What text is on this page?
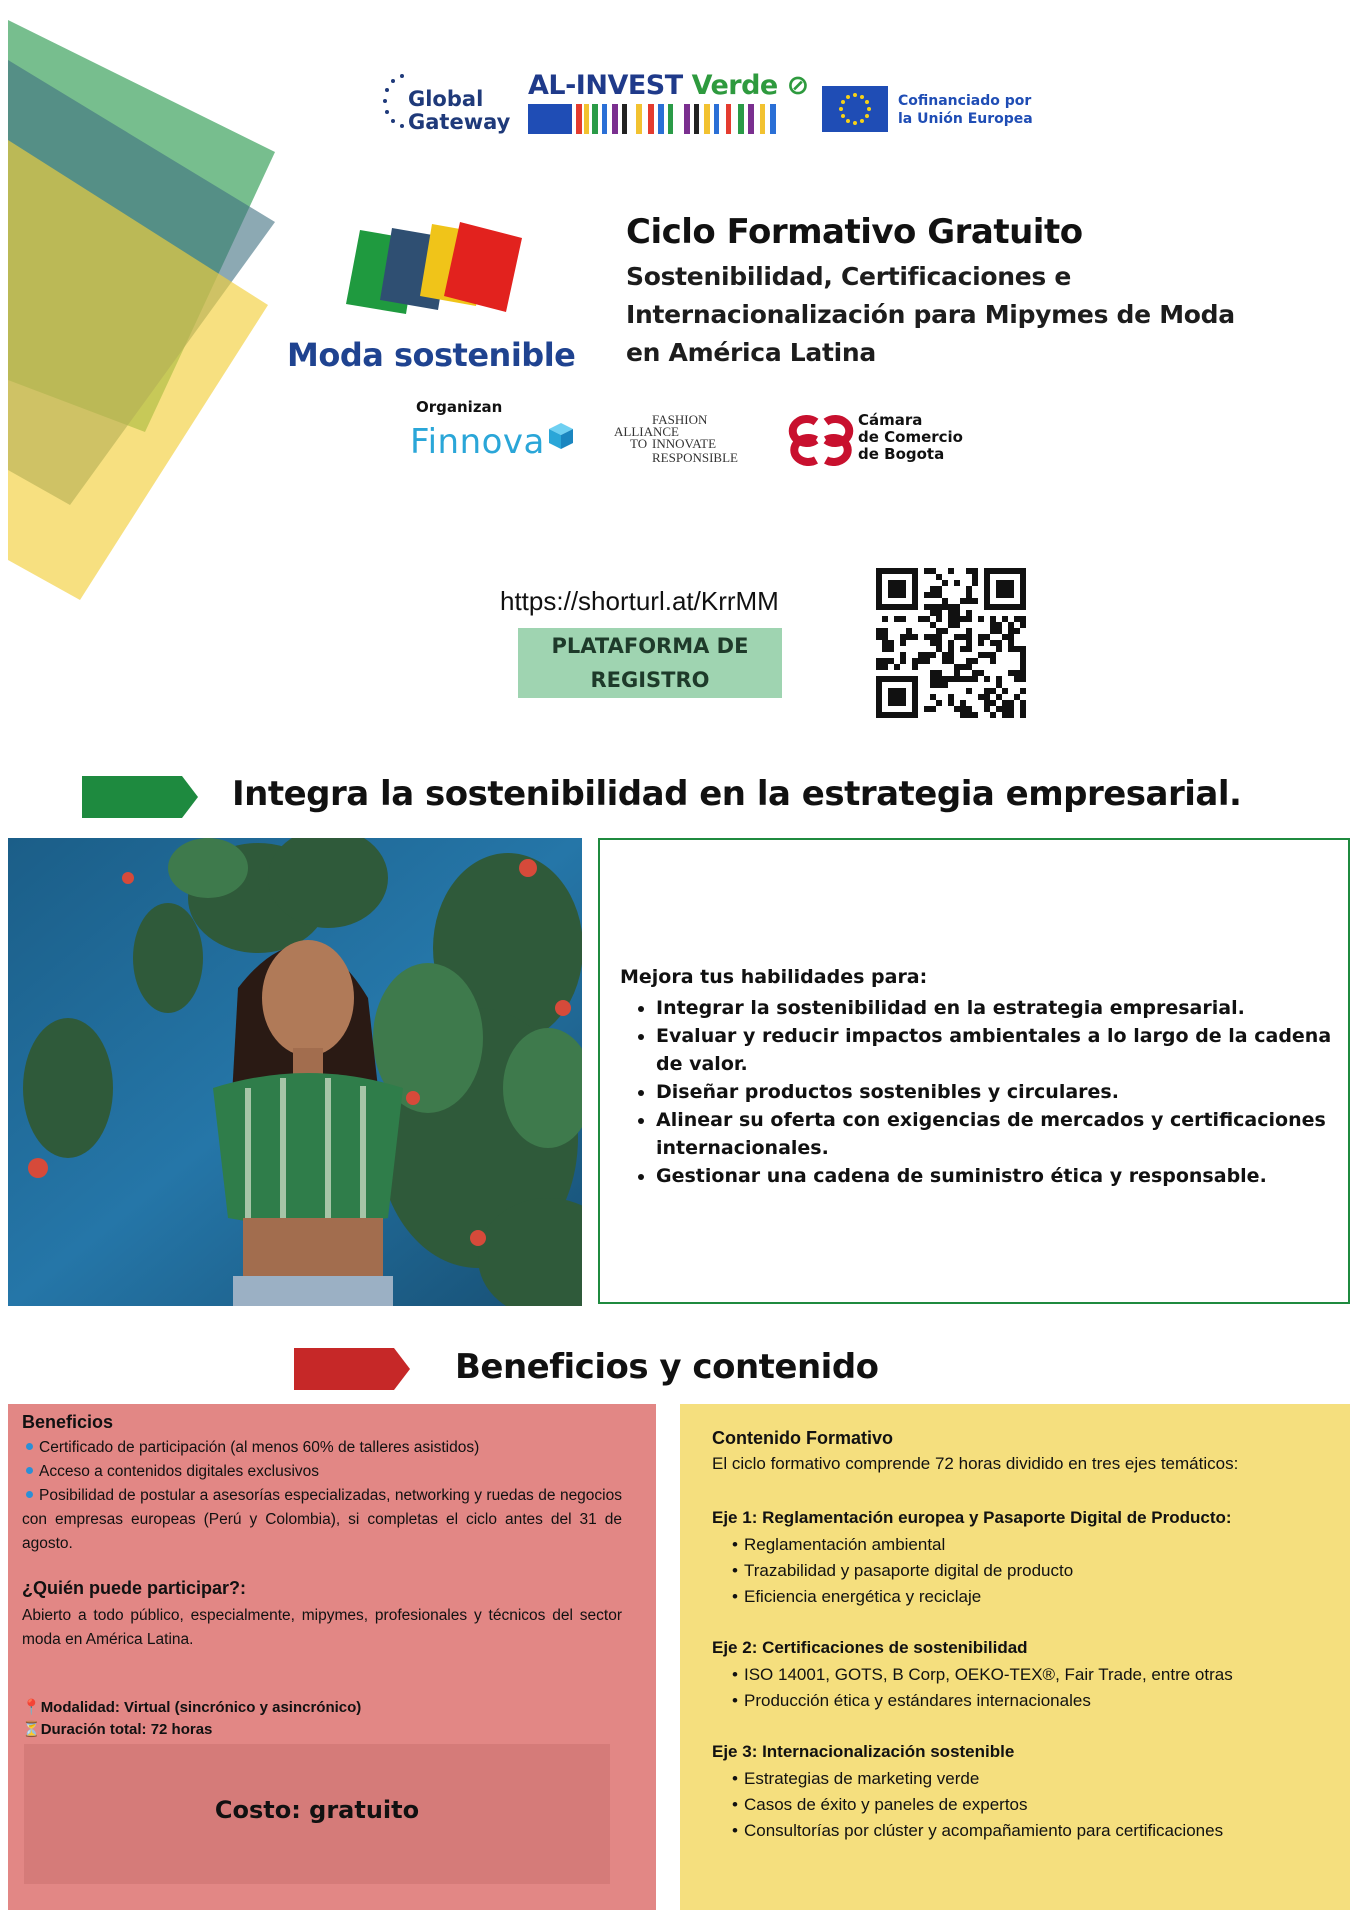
Global
Gateway
AL-INVEST Verde ⊘	Cofinanciado por
la Unión Europea
Moda sostenible
Ciclo Formativo Gratuito
Sostenibilidad, Certificaciones e Internacionalización para Mipymes de Moda en América Latina
Organizan
Finnova
FASHION
ALLIANCE
TO INNOVATE
RESPONSIBLE
Cámara
de Comercio
de Bogota
https://shorturl.at/KrrMM
PLATAFORMA DE REGISTRO
Integra la sostenibilidad en la estrategia empresarial.
Mejora tus habilidades para:
• Integrar la sostenibilidad en la estrategia empresarial.
• Evaluar y reducir impactos ambientales a lo largo de la cadena de valor.
• Diseñar productos sostenibles y circulares.
• Alinear su oferta con exigencias de mercados y certificaciones internacionales.
• Gestionar una cadena de suministro ética y responsable.
Beneficios y contenido
Beneficios
Certificado de participación (al menos 60% de talleres asistidos)
Acceso a contenidos digitales exclusivos
Posibilidad de postular a asesorías especializadas, networking y ruedas de negocios con empresas europeas (Perú y Colombia), si completas el ciclo antes del 31 de agosto.
¿Quién puede participar?:
Abierto a todo público, especialmente, mipymes, profesionales y técnicos del sector moda en América Latina.
📍Modalidad: Virtual (sincrónico y asincrónico)
⏳Duración total: 72 horas
Costo: gratuito
Contenido Formativo
El ciclo formativo comprende 72 horas dividido en tres ejes temáticos:
Eje 1: Reglamentación europea y Pasaporte Digital de Producto:
• Reglamentación ambiental
• Trazabilidad y pasaporte digital de producto
• Eficiencia energética y reciclaje
Eje 2: Certificaciones de sostenibilidad
• ISO 14001, GOTS, B Corp, OEKO-TEX®, Fair Trade, entre otras
• Producción ética y estándares internacionales
Eje 3: Internacionalización sostenible
• Estrategias de marketing verde
• Casos de éxito y paneles de expertos
• Consultorías por clúster y acompañamiento para certificaciones
